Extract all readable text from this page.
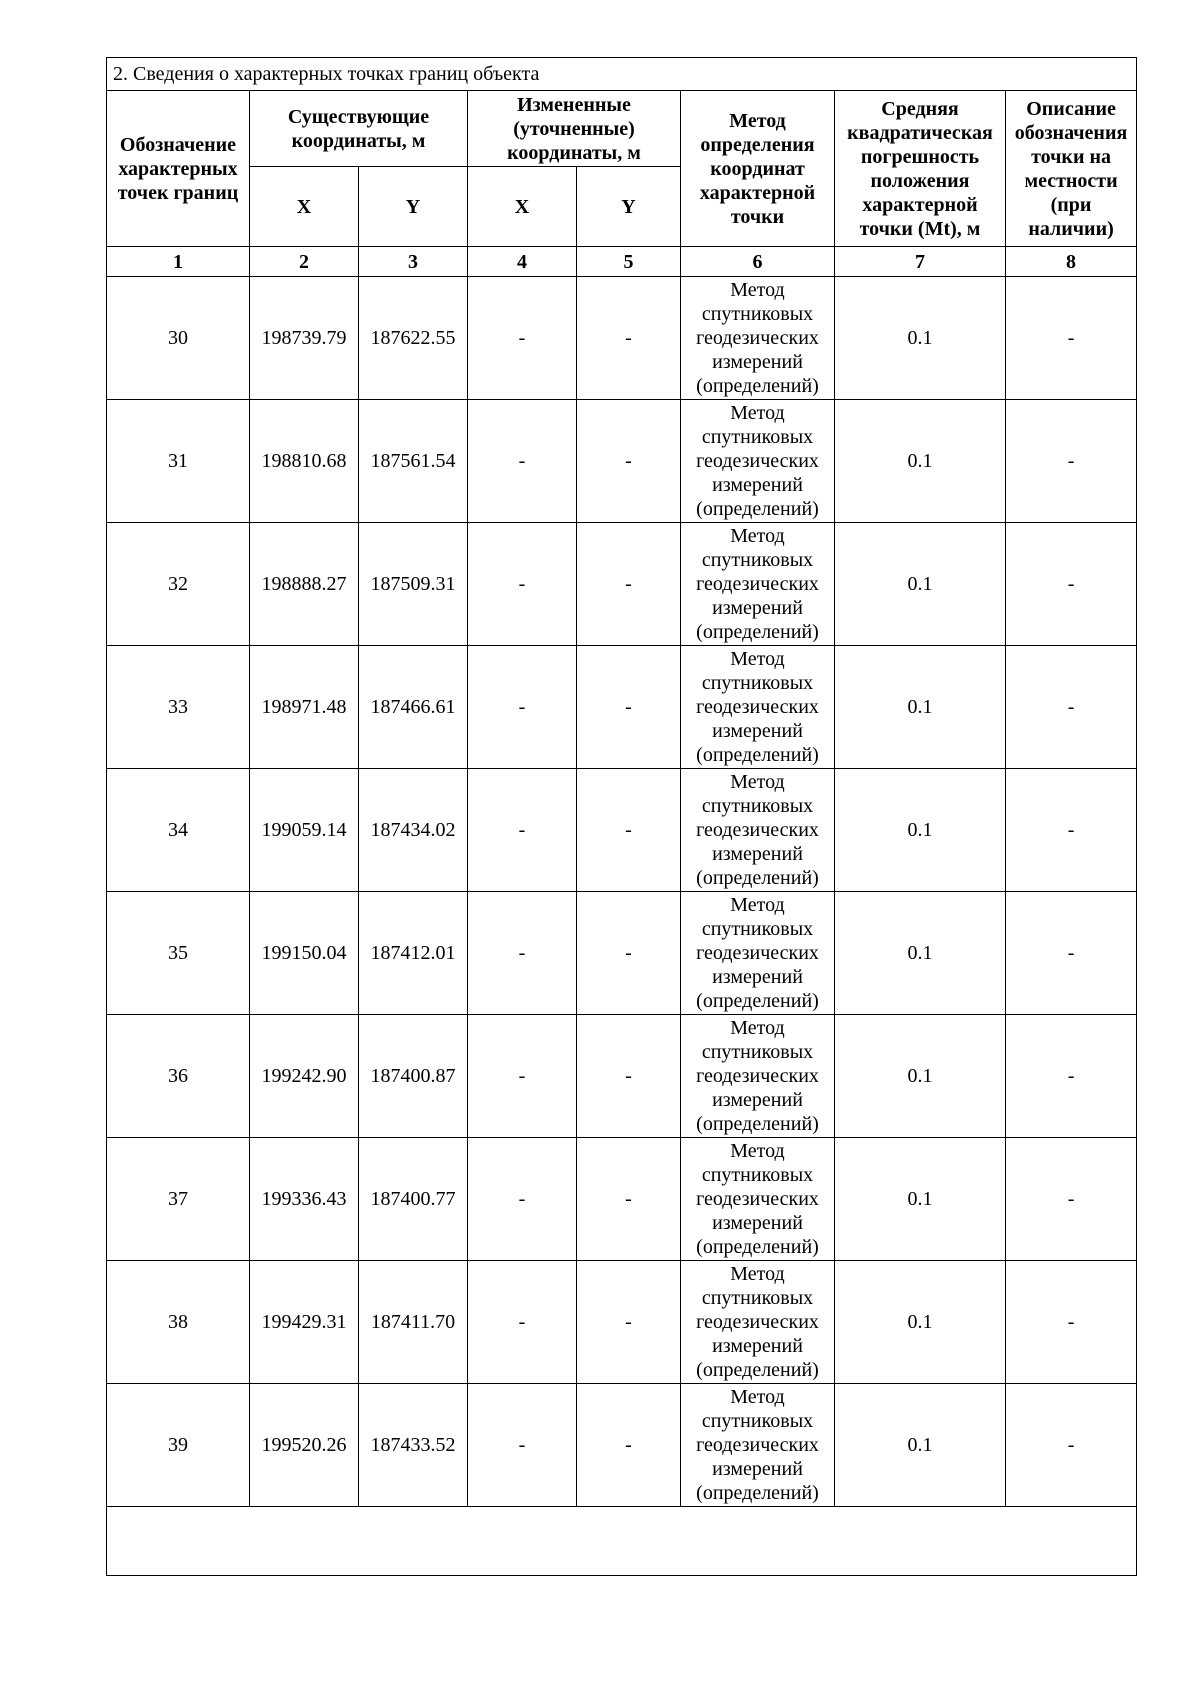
2. Сведения о характерных точках границ объекта							
Обозначение характерных точек границ	Существующие координаты, м		Измененные (уточненные) координаты, м		Метод определения координат характерной точки	Средняя квадратическая погрешность положения характерной точки (Mt), м	Описание обозначения точки на местности (при наличии)
	X	Y	X	Y			
1	2	3	4	5	6	7	8
30	198739.79	187622.55	-	-	Метод спутниковых геодезических измерений (определений)	0.1	-
31	198810.68	187561.54	-	-	Метод спутниковых геодезических измерений (определений)	0.1	-
32	198888.27	187509.31	-	-	Метод спутниковых геодезических измерений (определений)	0.1	-
33	198971.48	187466.61	-	-	Метод спутниковых геодезических измерений (определений)	0.1	-
34	199059.14	187434.02	-	-	Метод спутниковых геодезических измерений (определений)	0.1	-
35	199150.04	187412.01	-	-	Метод спутниковых геодезических измерений (определений)	0.1	-
36	199242.90	187400.87	-	-	Метод спутниковых геодезических измерений (определений)	0.1	-
37	199336.43	187400.77	-	-	Метод спутниковых геодезических измерений (определений)	0.1	-
38	199429.31	187411.70	-	-	Метод спутниковых геодезических измерений (определений)	0.1	-
39	199520.26	187433.52	-	-	Метод спутниковых геодезических измерений (определений)	0.1	-
